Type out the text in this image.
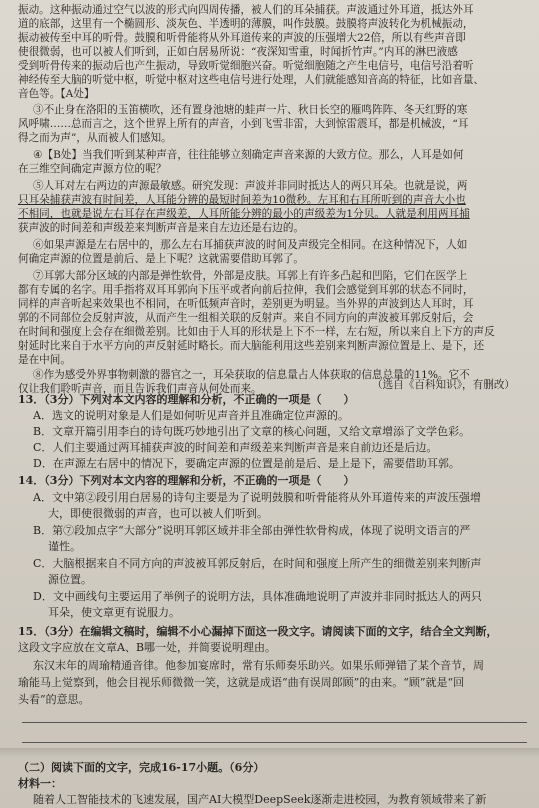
振动。这种振动通过空气以波的形式向四周传播，被人们的耳朵捕获。声波通过外耳道，抵达外耳
道的底部，这里有一个椭圆形、淡灰色、半透明的薄膜，叫作鼓膜。鼓膜将声波转化为机械振动，
振动被传至中耳的听骨。鼓膜和听骨能将从外耳道传来的声波的压强增大22倍，所以有些声音即
使很微弱，也可以被人们听到，正如白居易所说：“夜深知雪重，时闻折竹声。”内耳的淋巴液感
受到听骨传来的振动后也产生振动，导致听觉细胞兴奋。听觉细胞随之产生电信号，电信号沿着听
神经传至大脑的听觉中枢，听觉中枢对这些电信号进行处理，人们就能感知音高的特征，比如音量、
音色等。【A处】
③不止身在洛阳的玉笛横吹，还有置身池塘的蛙声一片、秋日长空的雁鸣阵阵、冬天红野的寒
风呼啸……总而言之，这个世界上所有的声音，小到飞雪非雷，大到惊雷震耳，都是机械波，“耳
得之而为声”，从而被人们感知。
④【B处】当我们听到某种声音，往往能够立刻确定声音来源的大致方位。那么，人耳是如何
在三维空间确定声源方位的呢？
⑤人耳对左右两边的声源最敏感。研究发现：声波并非同时抵达人的两只耳朵。也就是说，两
只耳朵捕获声波有时间差，人耳能分辨的最短时间差为10微秒。左耳和右耳所听到的声音大小也
不相同，也就是说左右耳存在声级差，人耳所能分辨的最小的声级差为1分贝。人就是利用两耳捕
获声波的时间差和声级差来判断声音是来自左边还是右边的。
⑥如果声源是左右居中的，那么左右耳捕获声波的时间及声级完全相同。在这种情况下，人如
何确定声源的位置是前后、是上下呢？这就需要借助耳郭了。
⑦耳郭大部分区域的内部是弹性软骨，外部是皮肤。耳郭上有许多凸起和凹陷，它们在医学上
都有专属的名字。用手指将双耳耳郭向下压平或者向前后拉伸，我们会感觉到耳郭的状态不同时，
同样的声音听起来效果也不相同，在听低频声音时，差别更为明显。当外界的声波到达人耳时，耳
郭的不同部位会反射声波，从而产生一组相关联的反射声。来自不同方向的声波被耳郭反射后，会
在时间和强度上会存在细微差别。比如由于人耳的形状是上下不一样，左右短，所以来自上下方的声反
射延时比来自于水平方向的声反射延时略长。而大脑能利用这些差别来判断声源位置是上、是下，还
是在中间。
⑧作为感受外界事物刺激的器官之一，耳朵获取的信息量占人体获取的信息总量的11%。它不
仅让我们聆听声音，而且告诉我们声音从何处而来。	（选自《百科知识》，有删改）
13．（3分）下列对本文内容的理解和分析，不正确的一项是（　　）
A．选文的说明对象是人们是如何听见声音并且准确定位声源的。
B．文章开篇引用李白的诗句既巧妙地引出了文章的核心问题，又给文章增添了文学色彩。
C．人们主要通过两耳捕获声波的时间差和声级差来判断声音是来自前边还是后边。
D．在声源左右居中的情况下，要确定声源的位置是前是后、是上是下，需要借助耳郭。
14．（3分）下列对本文内容的理解和分析，不正确的一项是（　　）
A．文中第②段引用白居易的诗句主要是为了说明鼓膜和听骨能将从外耳道传来的声波压强增
大，即使很微弱的声音，也可以被人们听到。
B．第⑦段加点字“大部分”说明耳郭区域并非全部由弹性软骨构成，体现了说明文语言的严
谨性。
C．大脑根据来自不同方向的声波被耳郭反射后，在时间和强度上所产生的细微差别来判断声
源位置。
D．文中画线句主要运用了举例子的说明方法，具体准确地说明了声波并非同时抵达人的两只
耳朵，使文章更有说服力。
15．（3分）在编辑文稿时，编辑不小心漏掉下面这一段文字。请阅读下面的文字，结合全文判断，
这段文字应放在文章A、B哪一处，并简要说明理由。
东汉末年的周瑜精通音律。他参加宴席时，常有乐师奏乐助兴。如果乐师弹错了某个音节，周
瑜能马上觉察到，他会目视乐师微微一笑，这就是成语“曲有误周郎顾”的由来。“顾”就是“回
头看”的意思。
（二）阅读下面的文字，完成16-17小题。（6分）
材料一：
随着人工智能技术的飞速发展，国产AI大模型DeepSeek逐渐走进校园，为教育领域带来了新
